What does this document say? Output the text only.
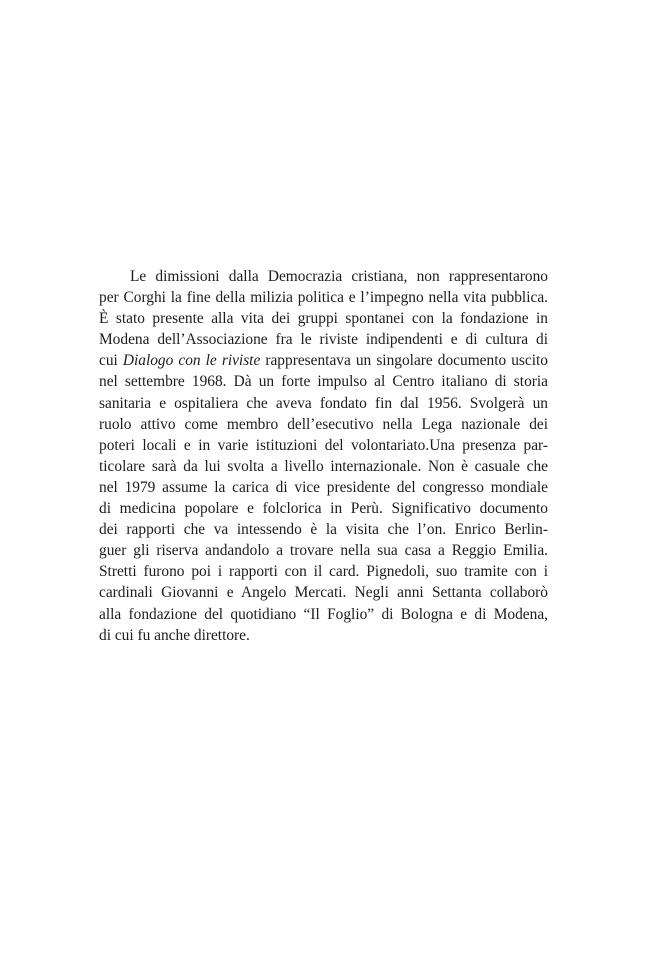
Le dimissioni dalla Democrazia cristiana, non rappresentarono
per Corghi la fine della milizia politica e l’impegno nella vita pubblica.
È stato presente alla vita dei gruppi spontanei con la fondazione in
Modena dell’Associazione fra le riviste indipendenti e di cultura di
cui Dialogo con le riviste rappresentava un singolare documento uscito
nel settembre 1968. Dà un forte impulso al Centro italiano di storia
sanitaria e ospitaliera che aveva fondato fin dal 1956. Svolgerà un
ruolo attivo come membro dell’esecutivo nella Lega nazionale dei
poteri locali e in varie istituzioni del volontariato.Una presenza par-
ticolare sarà da lui svolta a livello internazionale. Non è casuale che
nel 1979 assume la carica di vice presidente del congresso mondiale
di medicina popolare e folclorica in Perù. Significativo documento
dei rapporti che va intessendo è la visita che l’on. Enrico Berlin-
guer gli riserva andandolo a trovare nella sua casa a Reggio Emilia.
Stretti furono poi i rapporti con il card. Pignedoli, suo tramite con i
cardinali Giovanni e Angelo Mercati. Negli anni Settanta collaborò
alla fondazione del quotidiano “Il Foglio” di Bologna e di Modena,
di cui fu anche direttore.
